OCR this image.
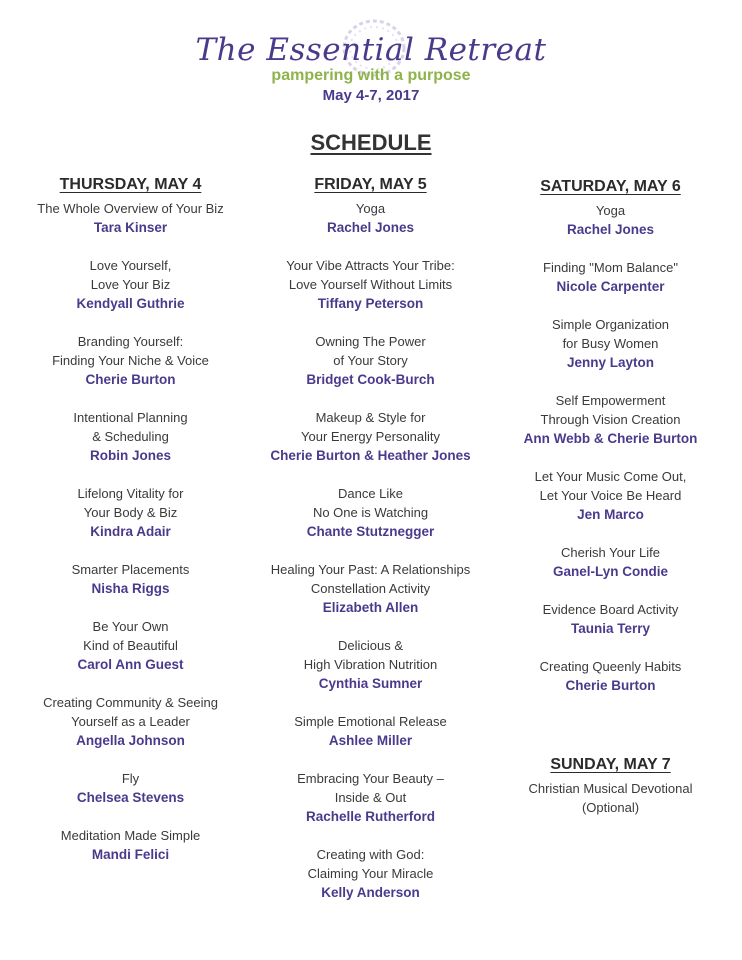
The Essential Retreat
pampering with a purpose
May 4-7, 2017
SCHEDULE
THURSDAY, MAY 4
The Whole Overview of Your Biz
Tara Kinser
Love Yourself,
Love Your Biz
Kendyall Guthrie
Branding Yourself:
Finding Your Niche & Voice
Cherie Burton
Intentional Planning
& Scheduling
Robin Jones
Lifelong Vitality for
Your Body & Biz
Kindra Adair
Smarter Placements
Nisha Riggs
Be Your Own
Kind of Beautiful
Carol Ann Guest
Creating Community & Seeing
Yourself as a Leader
Angella Johnson
Fly
Chelsea Stevens
Meditation Made Simple
Mandi Felici
FRIDAY, MAY 5
Yoga
Rachel Jones
Your Vibe Attracts Your Tribe:
Love Yourself Without Limits
Tiffany Peterson
Owning The Power
of Your Story
Bridget Cook-Burch
Makeup & Style for
Your Energy Personality
Cherie Burton & Heather Jones
Dance Like
No One is Watching
Chante Stutznegger
Healing Your Past: A Relationships
Constellation Activity
Elizabeth Allen
Delicious &
High Vibration Nutrition
Cynthia Sumner
Simple Emotional Release
Ashlee Miller
Embracing Your Beauty –
Inside & Out
Rachelle Rutherford
Creating with God:
Claiming Your Miracle
Kelly Anderson
SATURDAY, MAY 6
Yoga
Rachel Jones
Finding "Mom Balance"
Nicole Carpenter
Simple Organization
for Busy Women
Jenny Layton
Self Empowerment
Through Vision Creation
Ann Webb & Cherie Burton
Let Your Music Come Out,
Let Your Voice Be Heard
Jen Marco
Cherish Your Life
Ganel-Lyn Condie
Evidence Board Activity
Taunia Terry
Creating Queenly Habits
Cherie Burton
SUNDAY, MAY 7
Christian Musical Devotional
(Optional)
